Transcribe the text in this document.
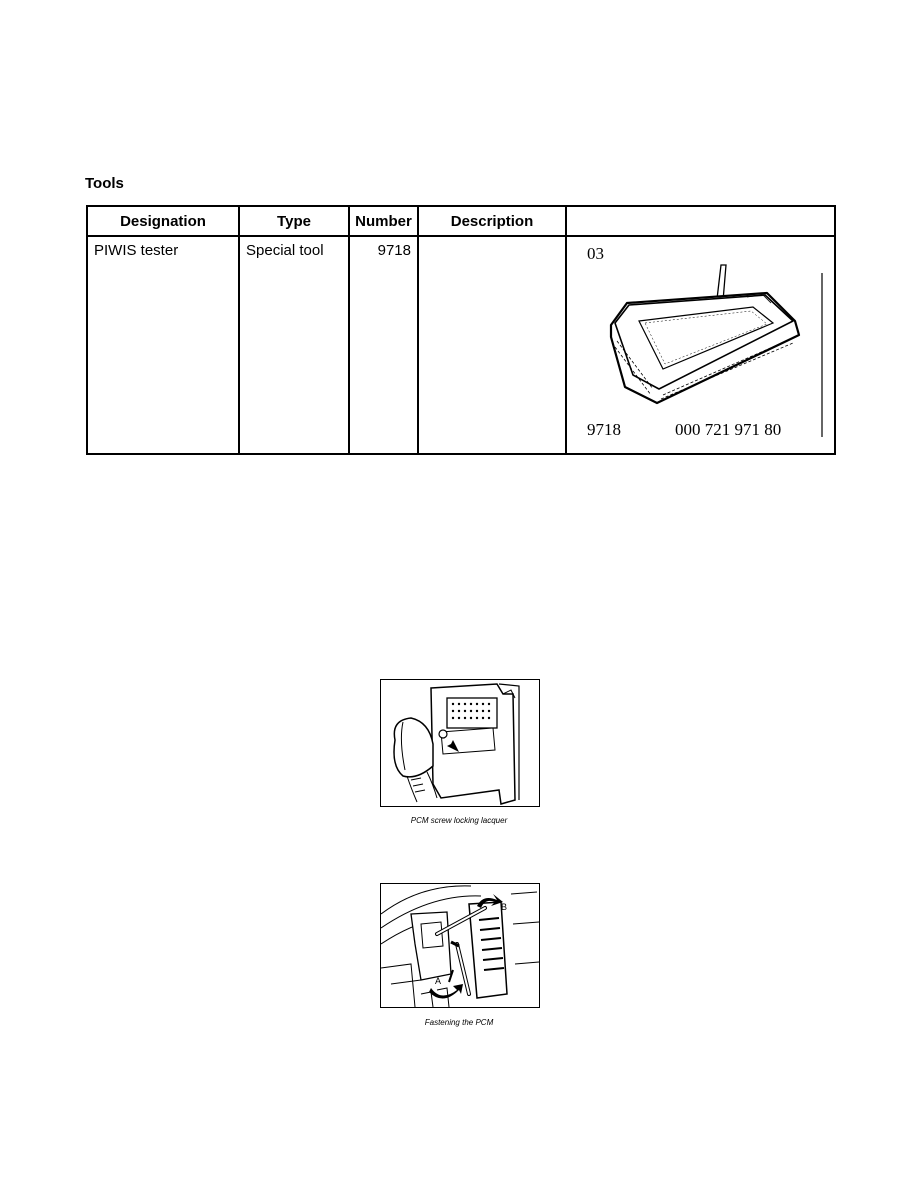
Tools
Designation	Type	Number	Description	
PIWIS tester	Special tool	9718		03
9718 000 721 971 80
PCM screw locking lacquer
A
B
Fastening the PCM
